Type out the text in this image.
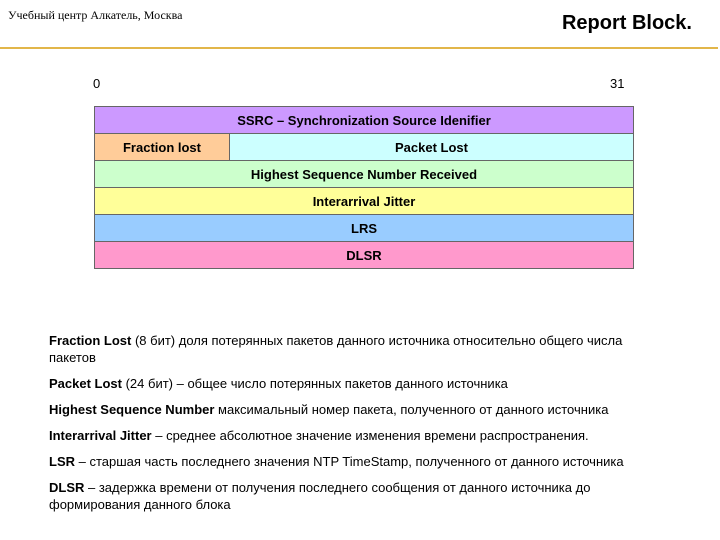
Учебный центр Алкатель, Москва	Report Block.
0	31
SSRC – Synchronization Source Idenifier
Fraction lost	Packet Lost
Highest Sequence Number Received
Interarrival Jitter
LRS
DLSR

Fraction Lost (8 бит) доля потерянных пакетов данного источника относительно общего числа пакетов

Packet Lost (24 бит) – общее число потерянных пакетов данного источника

Highest Sequence Number максимальный номер пакета, полученного от данного источника

Interarrival Jitter – среднее абсолютное значение изменения времени распространения.

LSR – старшая часть последнего значения NTP TimeStamp, полученного от данного источника

DLSR – задержка времени от получения последнего сообщения от данного источника до формирования данного блока
